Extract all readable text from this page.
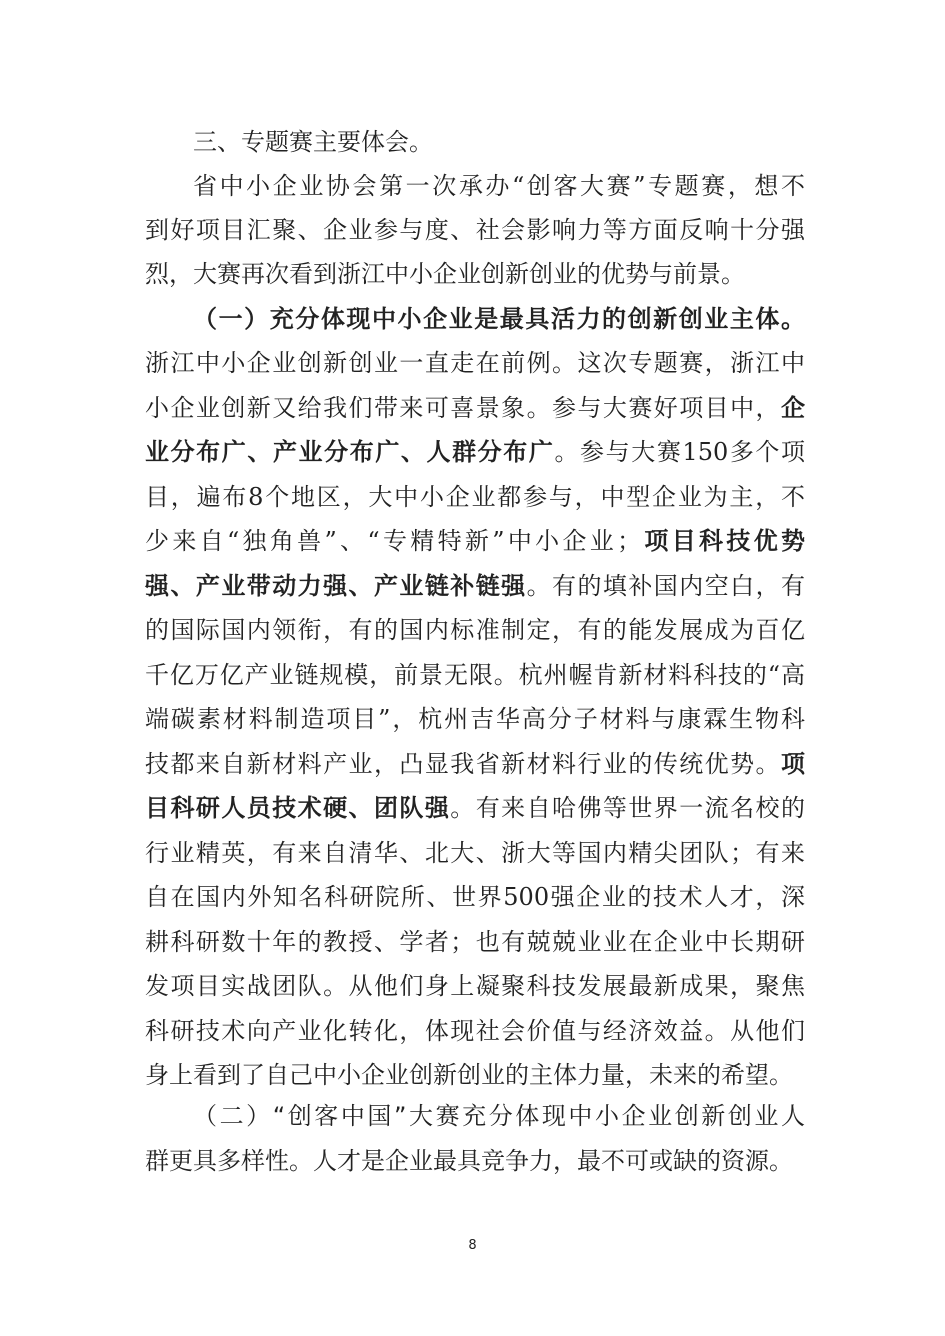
三、专题赛主要体会。
省中小企业协会第一次承办“创客大赛”专题赛，想不
到好项目汇聚、企业参与度、社会影响力等方面反响十分强
烈，大赛再次看到浙江中小企业创新创业的优势与前景。
（一）充分体现中小企业是最具活力的创新创业主体。
浙江中小企业创新创业一直走在前例。这次专题赛，浙江中
小企业创新又给我们带来可喜景象。参与大赛好项目中，企
业分布广、产业分布广、人群分布广。参与大赛150多个项
目，遍布8个地区，大中小企业都参与，中型企业为主，不
少来自“独角兽”、“专精特新”中小企业；项目科技优势
强、产业带动力强、产业链补链强。有的填补国内空白，有
的国际国内领衔，有的国内标准制定，有的能发展成为百亿
千亿万亿产业链规模，前景无限。杭州幄肯新材料科技的“高
端碳素材料制造项目”，杭州吉华高分子材料与康霖生物科
技都来自新材料产业，凸显我省新材料行业的传统优势。项
目科研人员技术硬、团队强。有来自哈佛等世界一流名校的
行业精英，有来自清华、北大、浙大等国内精尖团队；有来
自在国内外知名科研院所、世界500强企业的技术人才，深
耕科研数十年的教授、学者；也有兢兢业业在企业中长期研
发项目实战团队。从他们身上凝聚科技发展最新成果，聚焦
科研技术向产业化转化，体现社会价值与经济效益。从他们
身上看到了自己中小企业创新创业的主体力量，未来的希望。
（二）“创客中国”大赛充分体现中小企业创新创业人
群更具多样性。人才是企业最具竞争力，最不可或缺的资源。
8
